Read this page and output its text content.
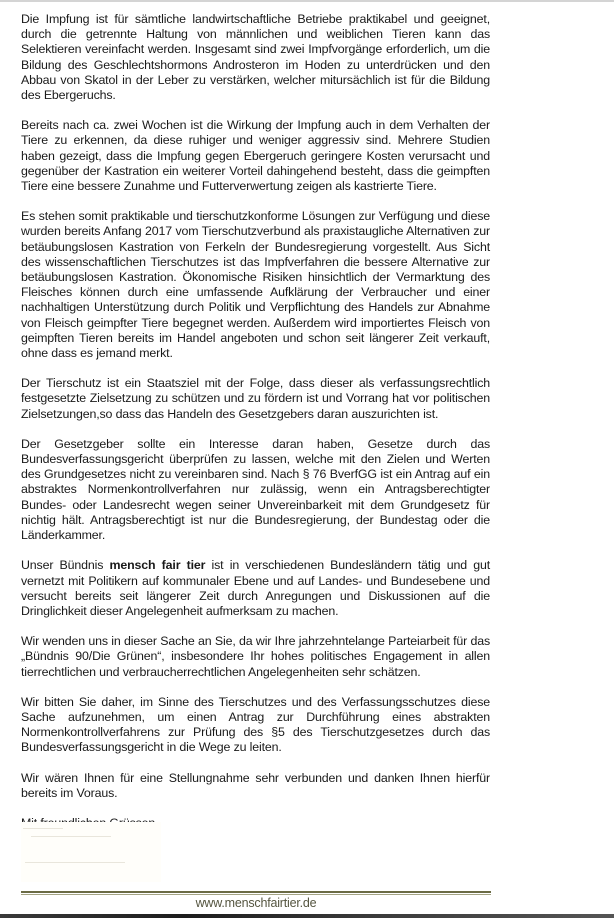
Die Impfung ist für sämtliche landwirtschaftliche Betriebe praktikabel und geeignet, durch die getrennte Haltung von männlichen und weiblichen Tieren kann das Selektieren vereinfacht werden. Insgesamt sind zwei Impfvorgänge erforderlich, um die Bildung des Geschlechtshormons Androsteron im Hoden zu unterdrücken und den Abbau von Skatol in der Leber zu verstärken, welcher mitursächlich ist für die Bildung des Ebergeruchs.

Bereits nach ca. zwei Wochen ist die Wirkung der Impfung auch in dem Verhalten der Tiere zu erkennen, da diese ruhiger und weniger aggressiv sind. Mehrere Studien haben gezeigt, dass die Impfung gegen Ebergeruch geringere Kosten verursacht und gegenüber der Kastration ein weiterer Vorteil dahingehend besteht, dass die geimpften Tiere eine bessere Zunahme und Futterverwertung zeigen als kastrierte Tiere.

Es stehen somit praktikable und tierschutzkonforme Lösungen zur Verfügung und diese wurden bereits Anfang 2017 vom Tierschutzverbund als praxistaugliche Alternativen zur betäubungslosen Kastration von Ferkeln der Bundesregierung vorgestellt. Aus Sicht des wissenschaftlichen Tierschutzes ist das Impfverfahren die bessere Alternative zur betäubungslosen Kastration. Ökonomische Risiken hinsichtlich der Vermarktung des Fleisches können durch eine umfassende Aufklärung der Verbraucher und einer nachhaltigen Unterstützung durch Politik und Verpflichtung des Handels zur Abnahme von Fleisch geimpfter Tiere begegnet werden. Außerdem wird importiertes Fleisch von geimpften Tieren bereits im Handel angeboten und schon seit längerer Zeit verkauft, ohne dass es jemand merkt.

Der Tierschutz ist ein Staatsziel mit der Folge, dass dieser als verfassungsrechtlich festgesetzte Zielsetzung zu schützen und zu fördern ist und Vorrang hat vor politischen Zielsetzungen,so dass das Handeln des Gesetzgebers daran auszurichten ist.

Der Gesetzgeber sollte ein Interesse daran haben, Gesetze durch das Bundesverfassungsgericht überprüfen zu lassen, welche mit den Zielen und Werten des Grundgesetzes nicht zu vereinbaren sind. Nach § 76 BverfGG ist ein Antrag auf ein abstraktes Normenkontrollverfahren nur zulässig, wenn ein Antragsberechtigter Bundes- oder Landesrecht wegen seiner Unvereinbarkeit mit dem Grundgesetz für nichtig hält. Antragsberechtigt ist nur die Bundesregierung, der Bundestag oder die Länderkammer.

Unser Bündnis mensch fair tier ist in verschiedenen Bundesländern tätig und gut vernetzt mit Politikern auf kommunaler Ebene und auf Landes- und Bundesebene und versucht bereits seit längerer Zeit durch Anregungen und Diskussionen auf die Dringlichkeit dieser Angelegenheit aufmerksam zu machen.

Wir wenden uns in dieser Sache an Sie, da wir Ihre jahrzehntelange Parteiarbeit für das „Bündnis 90/Die Grünen“, insbesondere Ihr hohes politisches Engagement in allen tierrechtlichen und verbraucherrechtlichen Angelegenheiten sehr schätzen.

Wir bitten Sie daher, im Sinne des Tierschutzes und des Verfassungsschutzes diese Sache aufzunehmen, um einen Antrag zur Durchführung eines abstrakten Normenkontrollverfahrens zur Prüfung des §5 des Tierschutzgesetzes durch das Bundesverfassungsgericht in die Wege zu leiten.

Wir wären Ihnen für eine Stellungnahme sehr verbunden und danken Ihnen hierfür bereits im Voraus.

www.menschfairtier.de
